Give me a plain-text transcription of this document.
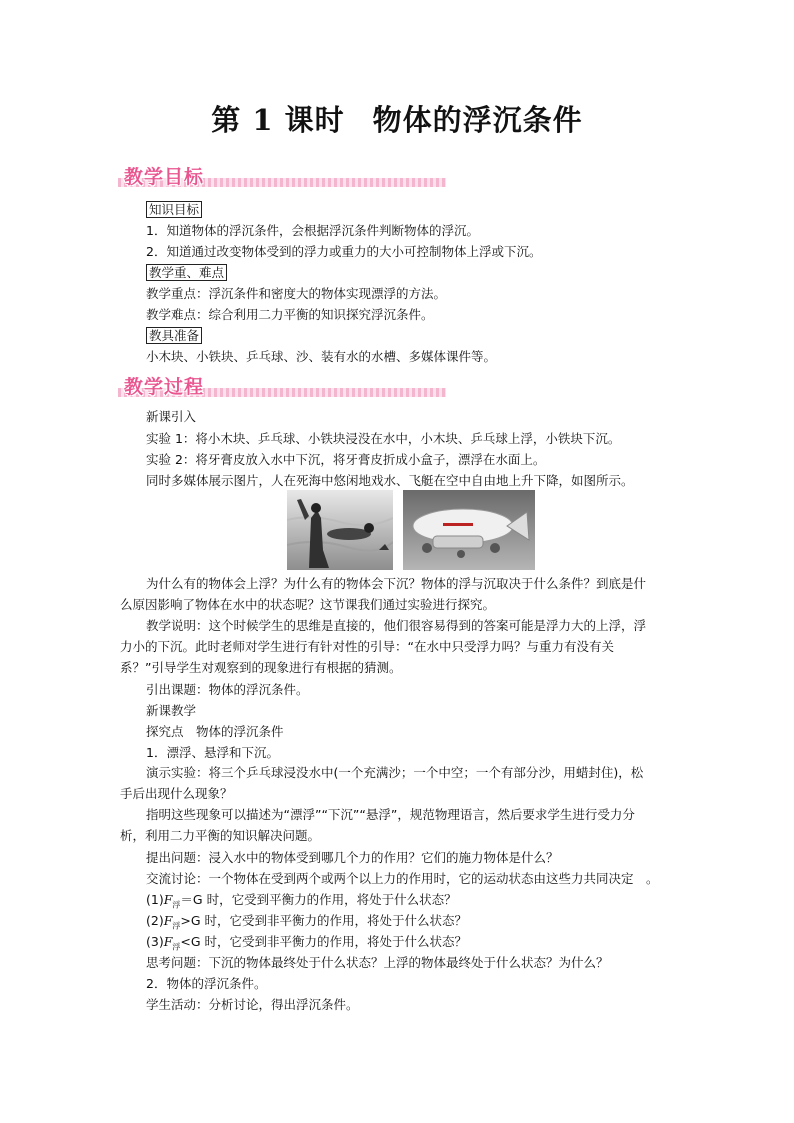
第 1 课时 物体的浮沉条件
教学目标
知识目标
1．知道物体的浮沉条件，会根据浮沉条件判断物体的浮沉。
2．知道通过改变物体受到的浮力或重力的大小可控制物体上浮或下沉。
教学重、难点
教学重点：浮沉条件和密度大的物体实现漂浮的方法。
教学难点：综合利用二力平衡的知识探究浮沉条件。
教具准备
小木块、小铁块、乒乓球、沙、装有水的水槽、多媒体课件等。
教学过程
新课引入
实验 1：将小木块、乒乓球、小铁块浸没在水中，小木块、乒乓球上浮，小铁块下沉。
实验 2：将牙膏皮放入水中下沉，将牙膏皮折成小盒子，漂浮在水面上。
同时多媒体展示图片，人在死海中悠闲地戏水、飞艇在空中自由地上升下降，如图所示。
为什么有的物体会上浮？为什么有的物体会下沉？物体的浮与沉取决于什么条件？到底是什么原因影响了物体在水中的状态呢？这节课我们通过实验进行探究。
教学说明：这个时候学生的思维是直接的，他们很容易得到的答案可能是浮力大的上浮，浮力小的下沉。此时老师对学生进行有针对性的引导：“在水中只受浮力吗？与重力有没有关系？”引导学生对观察到的现象进行有根据的猜测。
引出课题：物体的浮沉条件。
新课教学
探究点　物体的浮沉条件
1．漂浮、悬浮和下沉。
演示实验：将三个乒乓球浸没水中(一个充满沙；一个中空；一个有部分沙，用蜡封住)，松手后出现什么现象？
指明这些现象可以描述为“漂浮”“下沉”“悬浮”，规范物理语言，然后要求学生进行受力分析，利用二力平衡的知识解决问题。
提出问题：浸入水中的物体受到哪几个力的作用？它们的施力物体是什么？
交流讨论：一个物体在受到两个或两个以上力的作用时，它的运动状态由这些力共同决定　。
$(1)F_浮=G$ 时，它受到平衡力的作用，将处于什么状态？
$(2)F_浮>G$ 时，它受到非平衡力的作用，将处于什么状态？
$(3)F_浮<G$ 时，它受到非平衡力的作用，将处于什么状态？
思考问题：下沉的物体最终处于什么状态？上浮的物体最终处于什么状态？为什么？
2．物体的浮沉条件。
学生活动：分析讨论，得出浮沉条件。
